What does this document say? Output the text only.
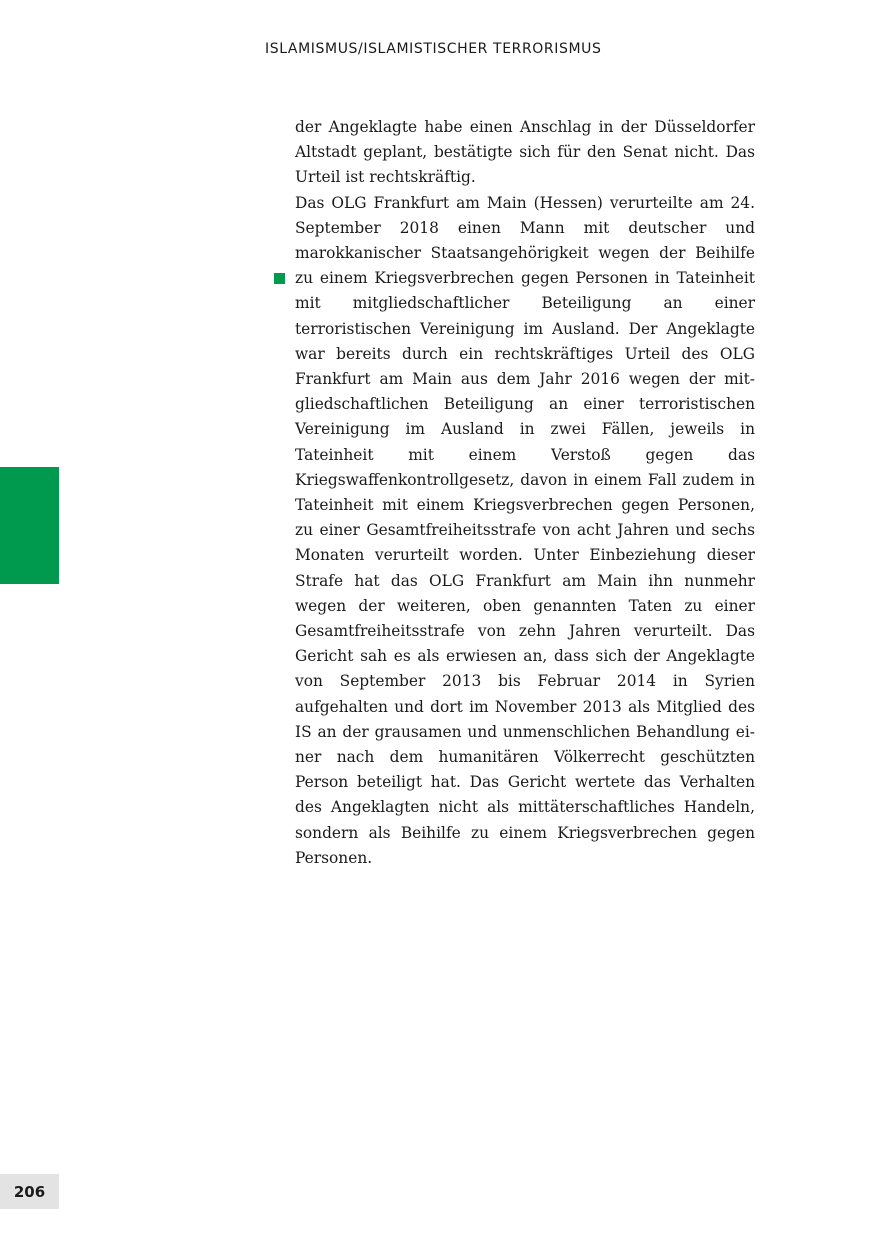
ISLAMISMUS/ISLAMISTISCHER TERRORISMUS

der Angeklagte habe einen Anschlag in der Düsseldorfer Altstadt geplant, bestätigte sich für den Senat nicht. Das Urteil ist rechtskräftig.

Das OLG Frankfurt am Main (Hessen) verurteilte am 24. September 2018 einen Mann mit deutscher und marokkanischer Staatsangehörigkeit wegen der Beihilfe zu einem Kriegsverbrechen gegen Personen in Tateinheit mit mitgliedschaftlicher Beteiligung an einer terroristischen Vereinigung im Ausland. Der Angeklagte war bereits durch ein rechtskräftiges Urteil des OLG Frankfurt am Main aus dem Jahr 2016 wegen der mitgliedschaftlichen Beteiligung an einer terroristischen Vereinigung im Ausland in zwei Fällen, jeweils in Tateinheit mit einem Verstoß gegen das Kriegswaffenkontrollgesetz, davon in einem Fall zudem in Tateinheit mit einem Kriegsverbrechen gegen Personen, zu einer Gesamtfreiheitsstrafe von acht Jahren und sechs Monaten verurteilt worden. Unter Einbeziehung dieser Strafe hat das OLG Frankfurt am Main ihn nunmehr wegen der weiteren, oben genannten Taten zu einer Gesamtfreiheitsstrafe von zehn Jahren verurteilt. Das Gericht sah es als erwiesen an, dass sich der Angeklagte von September 2013 bis Februar 2014 in Syrien aufgehalten und dort im November 2013 als Mitglied des IS an der grausamen und unmenschlichen Behandlung einer nach dem humanitären Völkerrecht geschützten Person beteiligt hat. Das Gericht wertete das Verhalten des Angeklagten nicht als mittäterschaftliches Handeln, sondern als Beihilfe zu einem Kriegsverbrechen gegen Personen.

206
